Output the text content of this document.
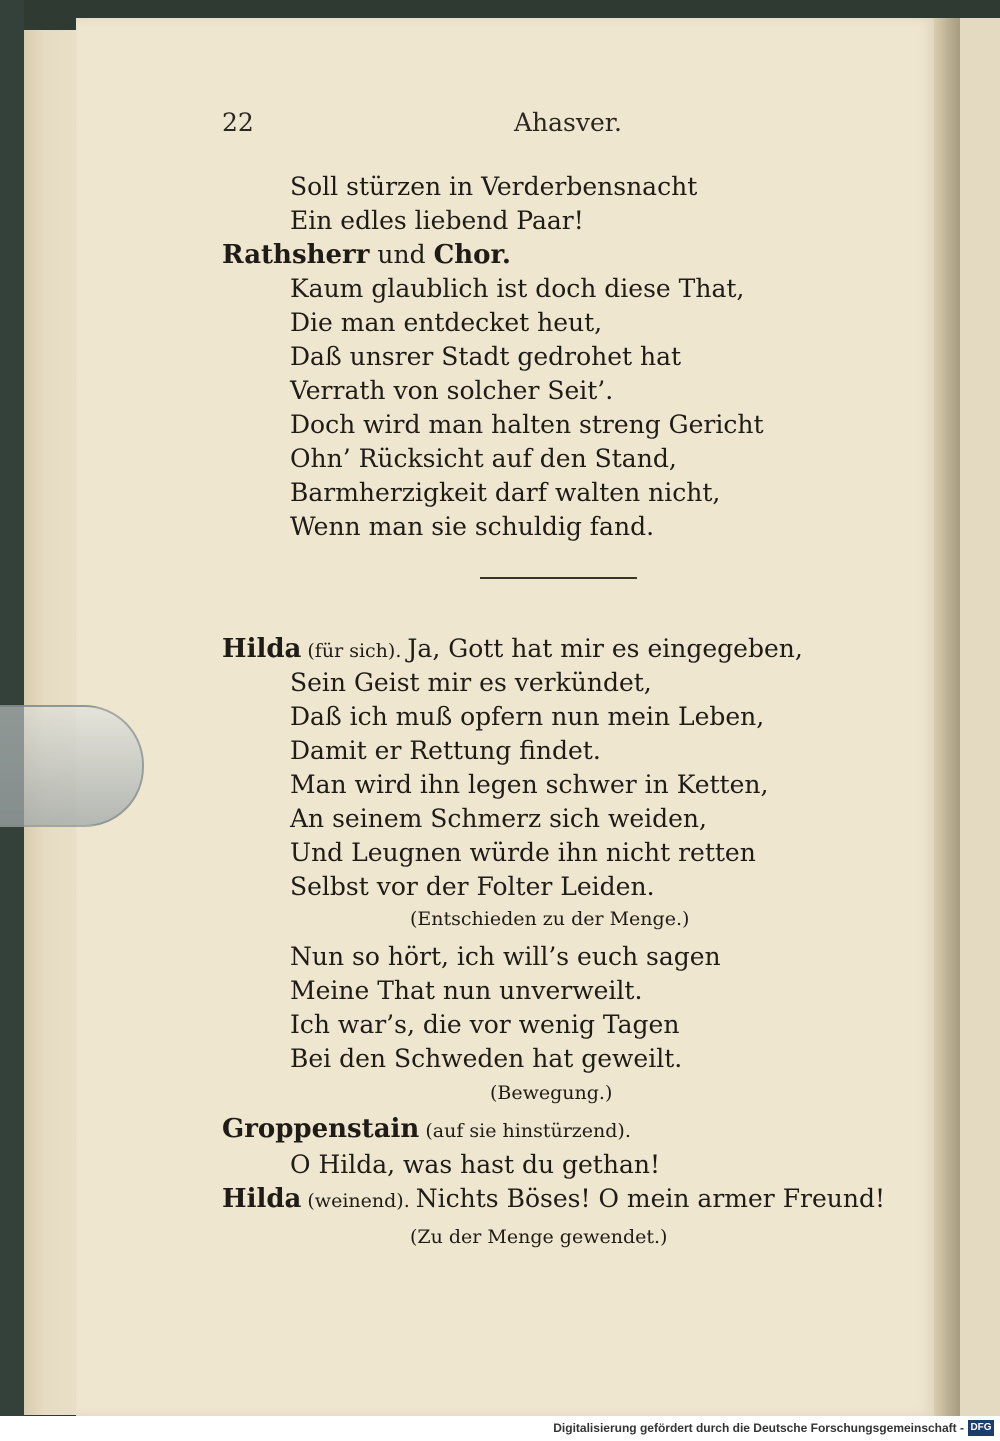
22	Ahasver.
Soll stürzen in Verderbensnacht
Ein edles liebend Paar!
Rathsherr und Chor.
Kaum glaublich ist doch diese That,
Die man entdecket heut,
Daß unsrer Stadt gedrohet hat
Verrath von solcher Seit’.
Doch wird man halten streng Gericht
Ohn’ Rücksicht auf den Stand,
Barmherzigkeit darf walten nicht,
Wenn man sie schuldig fand.
Hilda (für sich). Ja, Gott hat mir es eingegeben,
Sein Geist mir es verkündet,
Daß ich muß opfern nun mein Leben,
Damit er Rettung findet.
Man wird ihn legen schwer in Ketten,
An seinem Schmerz sich weiden,
Und Leugnen würde ihn nicht retten
Selbst vor der Folter Leiden.
(Entschieden zu der Menge.)
Nun so hört, ich will’s euch sagen
Meine That nun unverweilt.
Ich war’s, die vor wenig Tagen
Bei den Schweden hat geweilt.
(Bewegung.)
Groppenstain (auf sie hinstürzend).
O Hilda, was hast du gethan!
Hilda (weinend). Nichts Böses! O mein armer Freund!
(Zu der Menge gewendet.)
Digitalisierung gefördert durch die Deutsche Forschungsgemeinschaft - DFG
